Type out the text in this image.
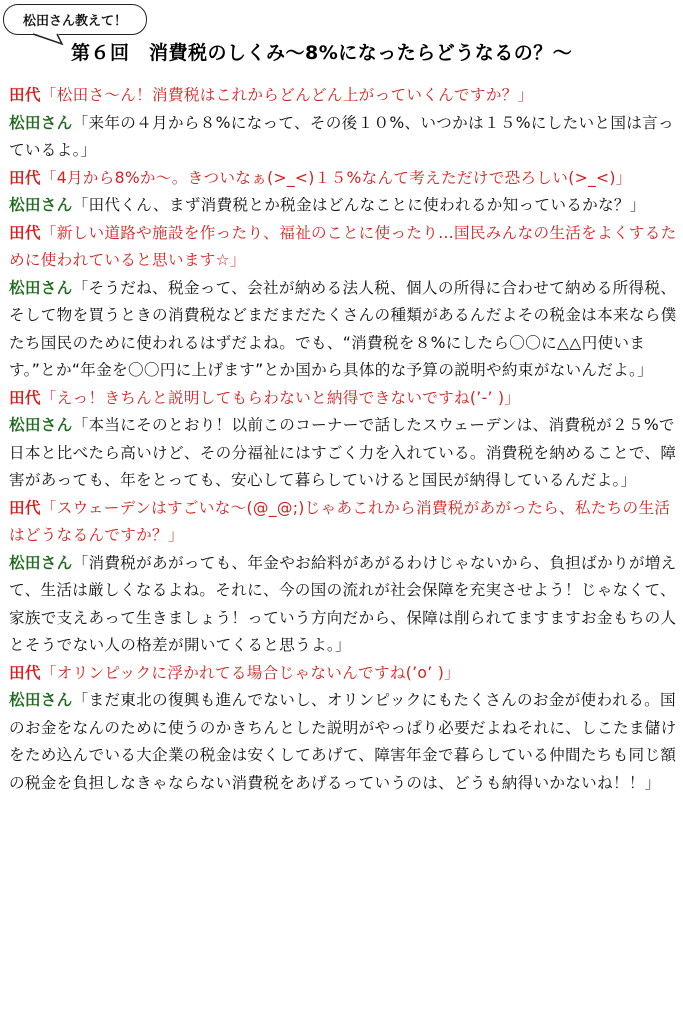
松田さん教えて！
第６回　消費税のしくみ～8%になったらどうなるの？～

田代「松田さ～ん！消費税はこれからどんどん上がっていくんですか？」

松田さん「来年の４月から８%になって、その後１０%、いつかは１５%にしたいと国は言っているよ。」

田代「4月から8%か～。きついなぁ(>_<)１５%なんて考えただけで恐ろしい(>_<)」

松田さん「田代くん、まず消費税とか税金はどんなことに使われるか知っているかな？」

田代「新しい道路や施設を作ったり、福祉のことに使ったり…国民みんなの生活をよくするために使われていると思います☆」

松田さん「そうだね、税金って、会社が納める法人税、個人の所得に合わせて納める所得税、そして物を買うときの消費税などまだまだたくさんの種類があるんだよその税金は本来なら僕たち国民のために使われるはずだよね。でも、“消費税を８%にしたら〇〇に△△円使います。”とか“年金を〇〇円に上げます”とか国から具体的な予算の説明や約束がないんだよ。」

田代「えっ！きちんと説明してもらわないと納得できないですね(’-’ )」

松田さん「本当にそのとおり！以前このコーナーで話したスウェーデンは、消費税が２５%で日本と比べたら高いけど、その分福祉にはすごく力を入れている。消費税を納めることで、障害があっても、年をとっても、安心して暮らしていけると国民が納得しているんだよ。」

田代「スウェーデンはすごいな～(@_@;)じゃあこれから消費税があがったら、私たちの生活はどうなるんですか？」

松田さん「消費税があがっても、年金やお給料があがるわけじゃないから、負担ばかりが増えて、生活は厳しくなるよね。それに、今の国の流れが社会保障を充実させよう！じゃなくて、家族で支えあって生きましょう！っていう方向だから、保障は削られてますますお金もちの人とそうでない人の格差が開いてくると思うよ。」

田代「オリンピックに浮かれてる場合じゃないんですね(’o’ )」

松田さん「まだ東北の復興も進んでないし、オリンピックにもたくさんのお金が使われる。国のお金をなんのために使うのかきちんとした説明がやっぱり必要だよねそれに、しこたま儲けをため込んでいる大企業の税金は安くしてあげて、障害年金で暮らしている仲間たちも同じ額の税金を負担しなきゃならない消費税をあげるっていうのは、どうも納得いかないね！！」
